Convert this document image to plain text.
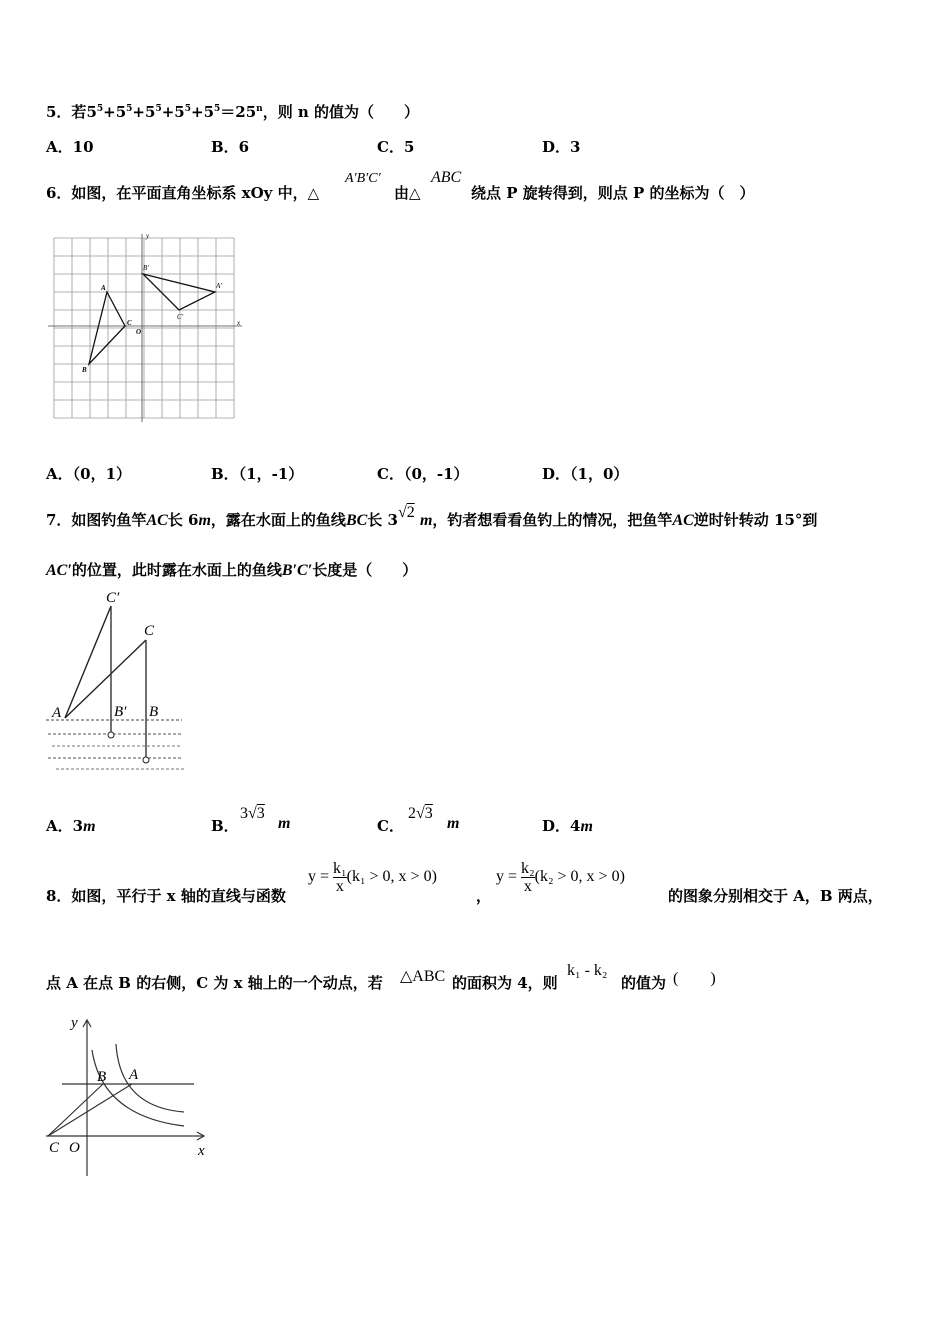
5．若$5^5+5^5+5^5+5^5+5^5=25^n$，则 n 的值为（　　）
A．10	B．6	C．5	D．3
6．如图，在平面直角坐标系 xOy 中，△
A′B′C′
由△
ABC
绕点 P 旋转得到，则点 P 的坐标为（　）
y
x
O
A
B
C
B′
A′
C′
A．（0，1）	B．（1，-1）	C．（0，-1）	D．（1，0）
7．如图钓鱼竿AC长 6m，露在水面上的鱼线BC长 3√2 m，钓者想看看鱼钓上的情况，把鱼竿AC逆时针转动 15°到
AC′的位置，此时露在水面上的鱼线B′C′长度是（　　）
C′
C
A	B′ B
A．3m	B．
3√3
m	C．
2√3
m	D．4m
8．如图，平行于 x 轴的直线与函数
$y = \frac{\text{k₁}}{x} (k_1 > 0$, x > 0)
，
$y = \frac{\text{k₂}}{x} (k_2 > 0$, x > 0)
的图象分别相交于 A，B 两点，
点 A 在点 B 的右侧，C 为 x 轴上的一个动点，若 △ABC 的面积为 4，则
k₁ - k₂
的值为 (　　)
y
x
B A
C O
